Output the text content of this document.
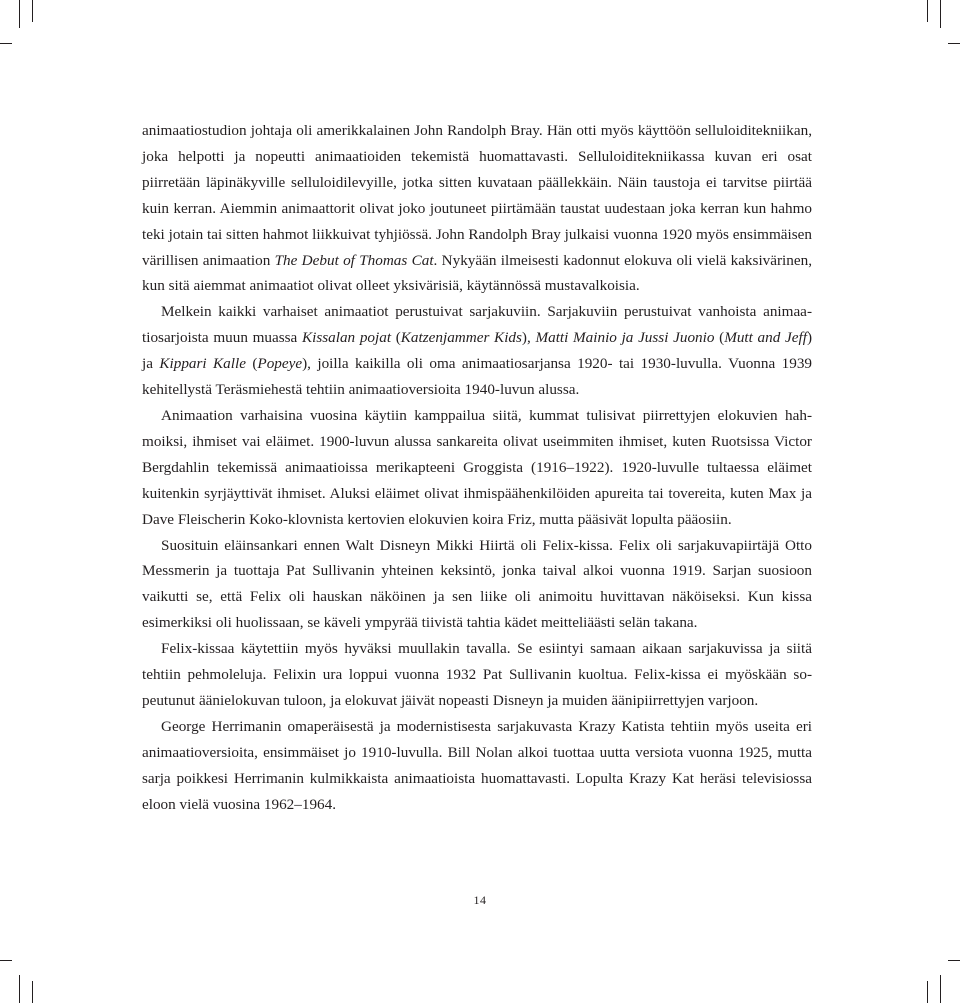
animaatiostudion johtaja oli amerikkalainen John Randolph Bray. Hän otti myös käyttöön selluloiditekniikan, joka helpotti ja nopeutti animaatioiden tekemistä huomattavasti. Selluloiditekniikassa kuvan eri osat piirretään läpinäkyville selluloidilevyille, jotka sitten kuvataan päällekkäin. Näin taustoja ei tarvitse piirtää kuin kerran. Aiemmin animaattorit olivat joko joutuneet piirtämään taustat uudestaan joka kerran kun hahmo teki jotain tai sitten hahmot liikkuivat tyhjiössä. John Randolph Bray julkaisi vuonna 1920 myös ensimmäisen värillisen animaation The Debut of Thomas Cat. Nykyään ilmeisesti kadonnut elokuva oli vielä kaksivärinen, kun sitä aiemmat animaatiot olivat olleet yksivärisiä, käytännössä mustavalkoisia.

Melkein kaikki varhaiset animaatiot perustuivat sarjakuviin. Sarjakuviin perustuivat vanhoista animaatiosarjoista muun muassa Kissalan pojat (Katzenjammer Kids), Matti Mainio ja Jussi Juonio (Mutt and Jeff) ja Kippari Kalle (Popeye), joilla kaikilla oli oma animaatiosarjansa 1920- tai 1930-luvulla. Vuonna 1939 kehitellystä Teräsmiehestä tehtiin animaatioversioita 1940-luvun alussa.

Animaation varhaisina vuosina käytiin kamppailua siitä, kummat tulisivat piirrettyjen elokuvien hahmoiksi, ihmiset vai eläimet. 1900-luvun alussa sankareita olivat useimmiten ihmiset, kuten Ruotsissa Victor Bergdahlin tekemissä animaatioissa merikapteeni Groggista (1916–1922). 1920-luvulle tultaessa eläimet kuitenkin syrjäyttivät ihmiset. Aluksi eläimet olivat ihmispäähenkilöiden apureita tai tovereita, kuten Max ja Dave Fleischerin Koko-klovnista kertovien elokuvien koira Friz, mutta pääsivät lopulta pääosiin.

Suosituin eläinsankari ennen Walt Disneyn Mikki Hiirtä oli Felix-kissa. Felix oli sarjakuvapiirtäjä Otto Messmerin ja tuottaja Pat Sullivanin yhteinen keksintö, jonka taival alkoi vuonna 1919. Sarjan suosioon vaikutti se, että Felix oli hauskan näköinen ja sen liike oli animoitu huvittavan näköiseksi. Kun kissa esimerkiksi oli huolissaan, se käveli ympyrää tiivistä tahtia kädet meitteliäästi selän takana.

Felix-kissaa käytettiin myös hyväksi muullakin tavalla. Se esiintyi samaan aikaan sarjakuvissa ja siitä tehtiin pehmoleluja. Felixin ura loppui vuonna 1932 Pat Sullivanin kuoltua. Felix-kissa ei myöskään sopeutunut äänielokuvan tuloon, ja elokuvat jäivät nopeasti Disneyn ja muiden äänipiirrettyjen varjoon.

George Herrimanin omaperäisestä ja modernistisesta sarjakuvasta Krazy Katista tehtiin myös useita eri animaatioversioita, ensimmäiset jo 1910-luvulla. Bill Nolan alkoi tuottaa uutta versiota vuonna 1925, mutta sarja poikkesi Herrimanin kulmikkaista animaatioista huomattavasti. Lopulta Krazy Kat heräsi televisiossa eloon vielä vuosina 1962–1964.

14
